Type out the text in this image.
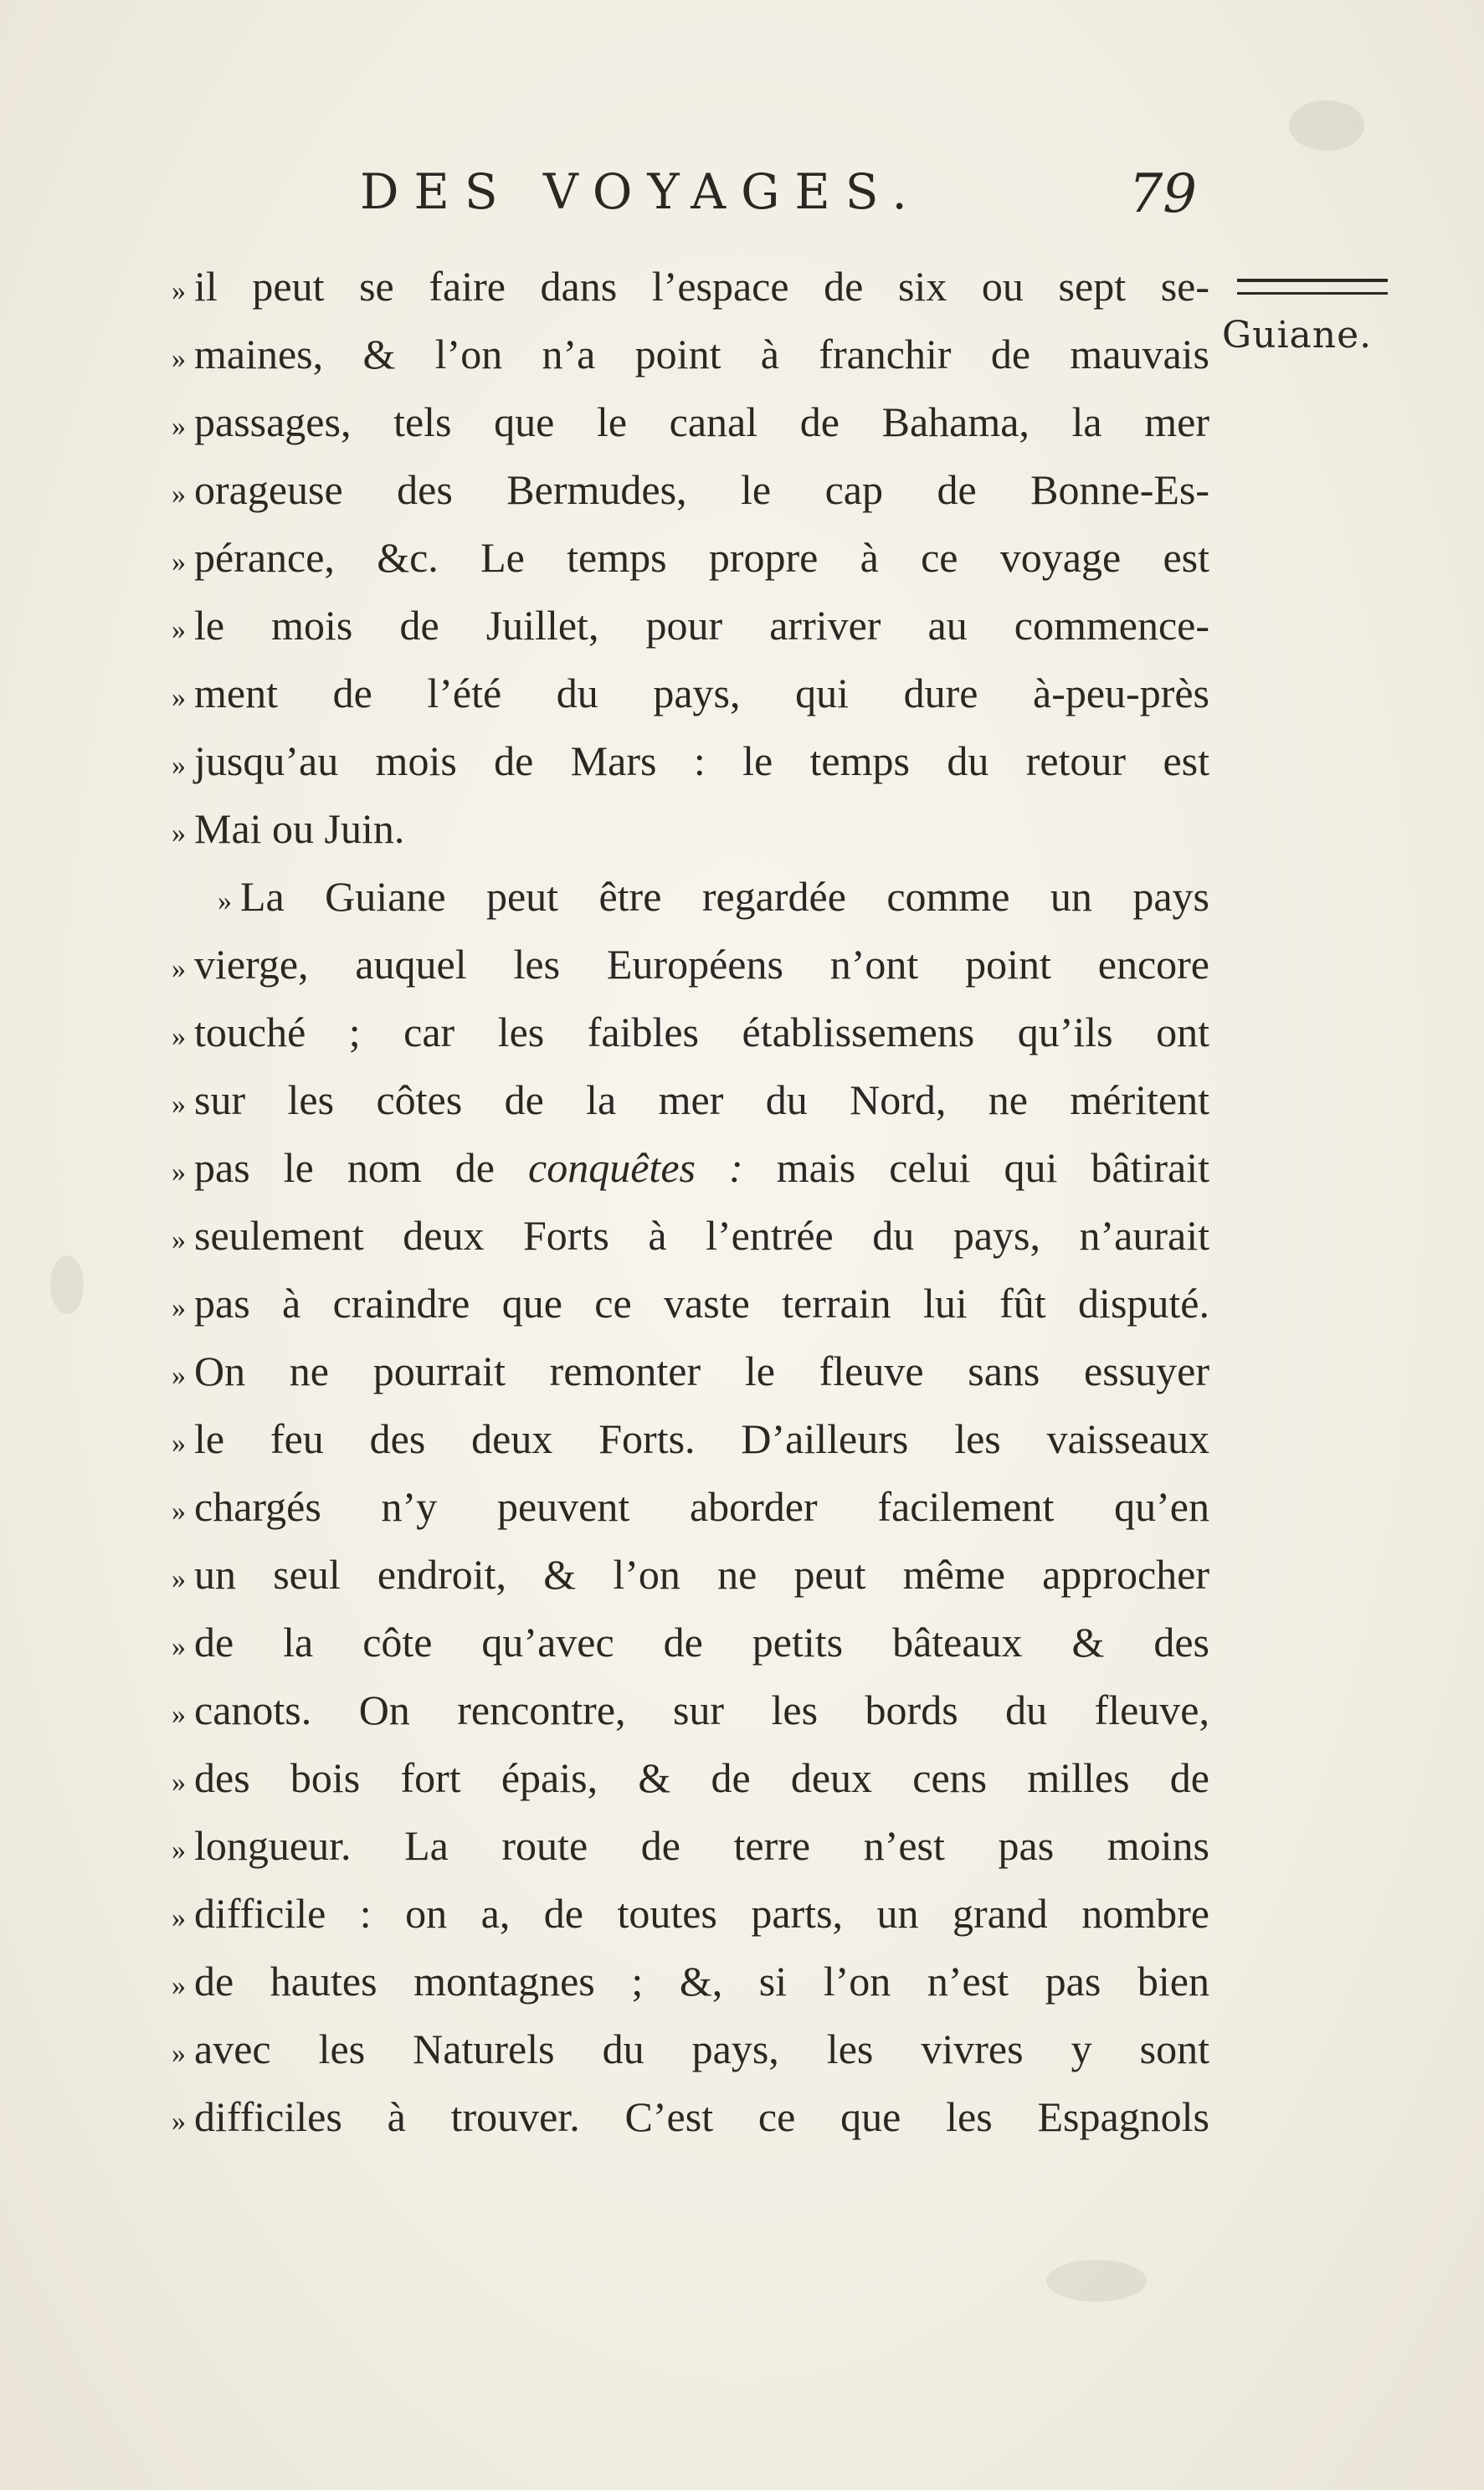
DES VOYAGES.	79
Guiane.
» il peut se faire dans l’espace de six ou sept se-
» maines, & l’on n’a point à franchir de mauvais
» passages, tels que le canal de Bahama, la mer
» orageuse des Bermudes, le cap de Bonne-Es-
» pérance, &c. Le temps propre à ce voyage est
» le mois de Juillet, pour arriver au commence-
» ment de l’été du pays, qui dure à-peu-près
» jusqu’au mois de Mars : le temps du retour est
» Mai ou Juin.
» La Guiane peut être regardée comme un pays
» vierge, auquel les Européens n’ont point encore
» touché ; car les faibles établissemens qu’ils ont
» sur les côtes de la mer du Nord, ne méritent
» pas le nom de conquêtes : mais celui qui bâtirait
» seulement deux Forts à l’entrée du pays, n’aurait
» pas à craindre que ce vaste terrain lui fût disputé.
» On ne pourrait remonter le fleuve sans essuyer
» le feu des deux Forts. D’ailleurs les vaisseaux
» chargés n’y peuvent aborder facilement qu’en
» un seul endroit, & l’on ne peut même approcher
» de la côte qu’avec de petits bâteaux & des
» canots. On rencontre, sur les bords du fleuve,
» des bois fort épais, & de deux cens milles de
» longueur. La route de terre n’est pas moins
» difficile : on a, de toutes parts, un grand nombre
» de hautes montagnes ; &, si l’on n’est pas bien
» avec les Naturels du pays, les vivres y sont
» difficiles à trouver. C’est ce que les Espagnols
